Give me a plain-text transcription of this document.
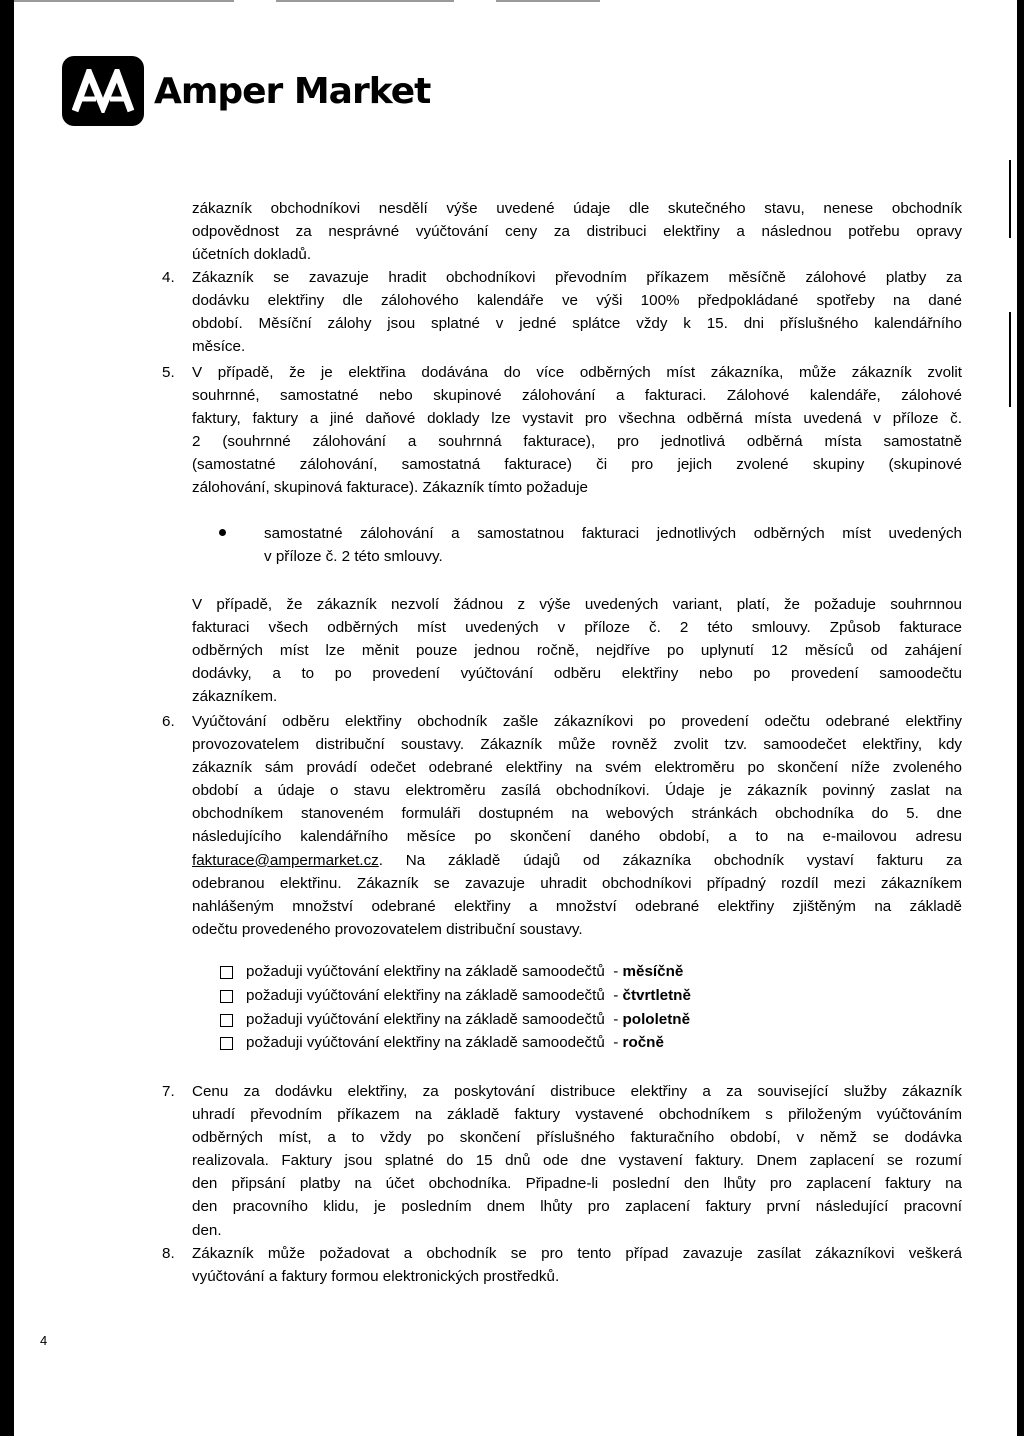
Amper Market
zákazník obchodníkovi nesdělí výše uvedené údaje dle skutečného stavu, nenese obchodník
odpovědnost za nesprávné vyúčtování ceny za distribuci elektřiny a následnou potřebu opravy
účetních dokladů.
4.	Zákazník se zavazuje hradit obchodníkovi převodním příkazem měsíčně zálohové platby za
dodávku elektřiny dle zálohového kalendáře ve výši 100% předpokládané spotřeby na dané
období. Měsíční zálohy jsou splatné v jedné splátce vždy k 15. dni příslušného kalendářního
měsíce.
5.	V případě, že je elektřina dodávána do více odběrných míst zákazníka, může zákazník zvolit
souhrnné, samostatné nebo skupinové zálohování a fakturaci. Zálohové kalendáře, zálohové
faktury, faktury a jiné daňové doklady lze vystavit pro všechna odběrná místa uvedená v příloze č.
2 (souhrnné zálohování a souhrnná fakturace), pro jednotlivá odběrná místa samostatně
(samostatné zálohování, samostatná fakturace) či pro jejich zvolené skupiny (skupinové
zálohování, skupinová fakturace). Zákazník tímto požaduje
samostatné zálohování a samostatnou fakturaci jednotlivých odběrných míst uvedených
v příloze č. 2 této smlouvy.
V případě, že zákazník nezvolí žádnou z výše uvedených variant, platí, že požaduje souhrnnou
fakturaci všech odběrných míst uvedených v příloze č. 2 této smlouvy. Způsob fakturace
odběrných míst lze měnit pouze jednou ročně, nejdříve po uplynutí 12 měsíců od zahájení
dodávky, a to po provedení vyúčtování odběru elektřiny nebo po provedení samoodečtu
zákazníkem.
6.	Vyúčtování odběru elektřiny obchodník zašle zákazníkovi po provedení odečtu odebrané elektřiny
provozovatelem distribuční soustavy. Zákazník může rovněž zvolit tzv. samoodečet elektřiny, kdy
zákazník sám provádí odečet odebrané elektřiny na svém elektroměru po skončení níže zvoleného
období a údaje o stavu elektroměru zasílá obchodníkovi. Údaje je zákazník povinný zaslat na
obchodníkem stanoveném formuláři dostupném na webových stránkách obchodníka do 5. dne
následujícího kalendářního měsíce po skončení daného období, a to na e-mailovou adresu
fakturace@ampermarket.cz. Na základě údajů od zákazníka obchodník vystaví fakturu za
odebranou elektřinu. Zákazník se zavazuje uhradit obchodníkovi případný rozdíl mezi zákazníkem
nahlášeným množství odebrané elektřiny a množství odebrané elektřiny zjištěným na základě
odečtu provedeného provozovatelem distribuční soustavy.
požaduji vyúčtování elektřiny na základě samoodečtů  - měsíčně
požaduji vyúčtování elektřiny na základě samoodečtů  - čtvrtletně
požaduji vyúčtování elektřiny na základě samoodečtů  - pololetně
požaduji vyúčtování elektřiny na základě samoodečtů  - ročně
7.	Cenu za dodávku elektřiny, za poskytování distribuce elektřiny a za související služby zákazník
uhradí převodním příkazem na základě faktury vystavené obchodníkem s přiloženým vyúčtováním
odběrných míst, a to vždy po skončení příslušného fakturačního období, v němž se dodávka
realizovala. Faktury jsou splatné do 15 dnů ode dne vystavení faktury. Dnem zaplacení se rozumí
den připsání platby na účet obchodníka. Připadne-li poslední den lhůty pro zaplacení faktury na
den pracovního klidu, je posledním dnem lhůty pro zaplacení faktury první následující pracovní
den.
8.	Zákazník může požadovat a obchodník se pro tento případ zavazuje zasílat zákazníkovi veškerá
vyúčtování a faktury formou elektronických prostředků.
4
